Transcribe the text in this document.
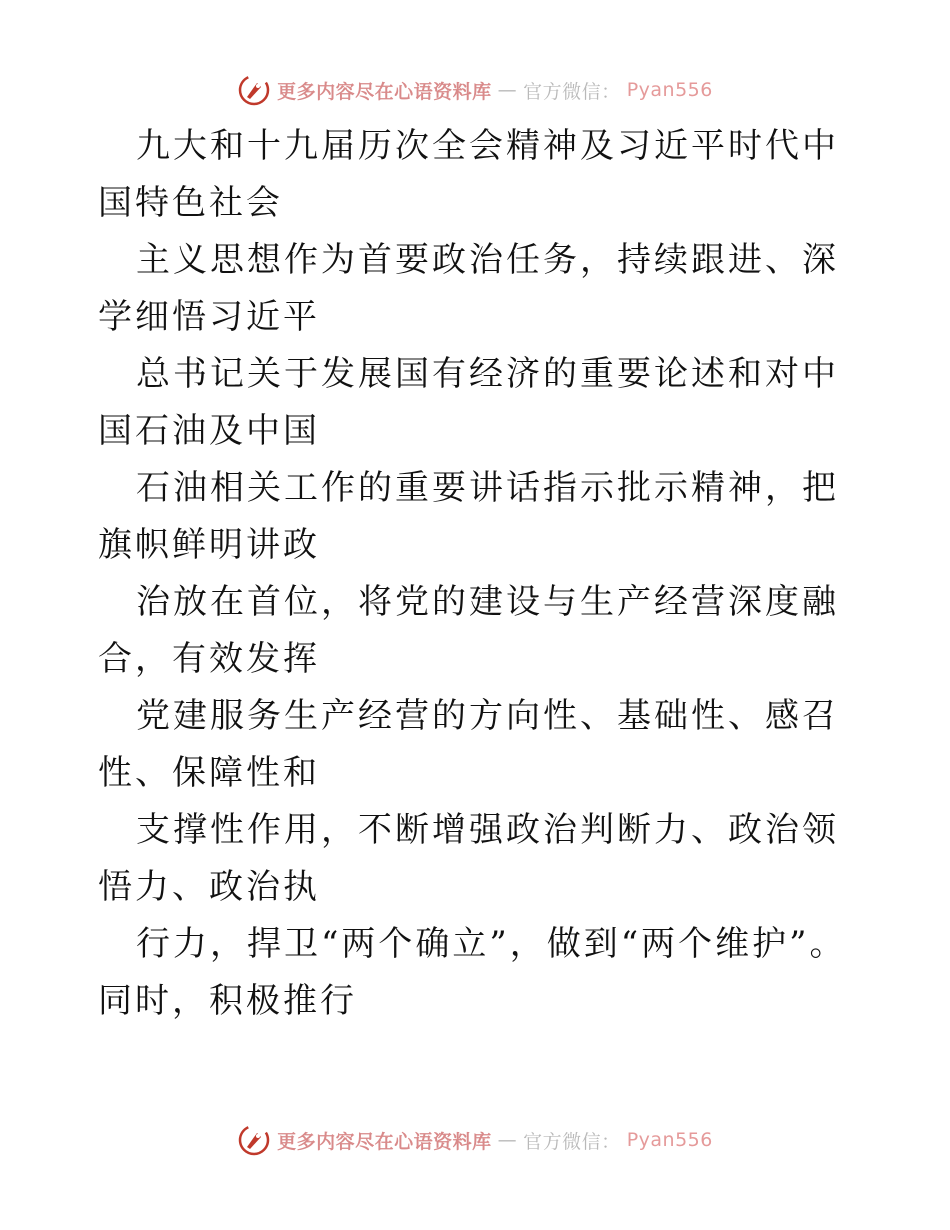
更多内容尽在心语资料库 — 官方微信： Pyan556

九大和十九届历次全会精神及习近平时代中国特色社会

主义思想作为首要政治任务，持续跟进、深学细悟习近平

总书记关于发展国有经济的重要论述和对中国石油及中国

石油相关工作的重要讲话指示批示精神，把旗帜鲜明讲政

治放在首位，将党的建设与生产经营深度融合，有效发挥

党建服务生产经营的方向性、基础性、感召性、保障性和

支撑性作用，不断增强政治判断力、政治领悟力、政治执

行力，捍卫“两个确立”，做到“两个维护”。同时，积极推行

更多内容尽在心语资料库 — 官方微信： Pyan556
